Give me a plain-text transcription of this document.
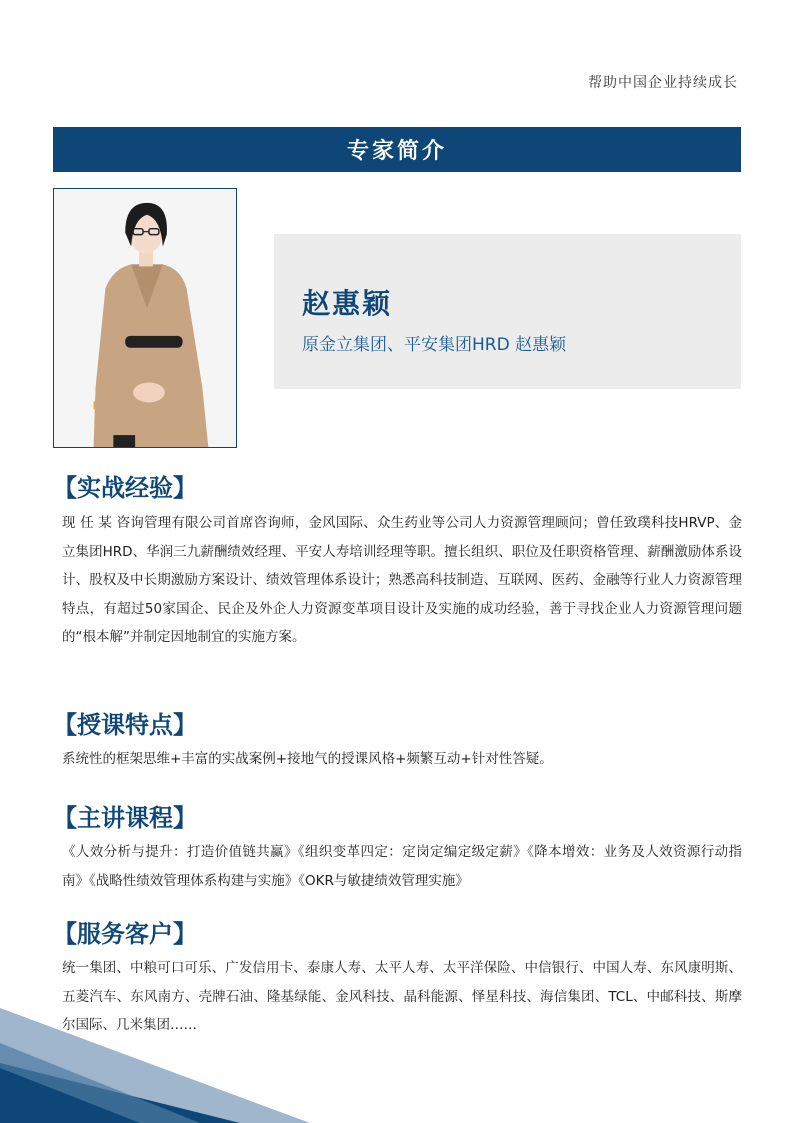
帮助中国企业持续成长
专家简介
赵惠颖
原金立集团、平安集团HRD 赵惠颖
【实战经验】
现 任 某 咨询管理有限公司首席咨询师，金风国际、众生药业等公司人力资源管理顾问；曾任致璞科技HRVP、金立集团HRD、华润三九薪酬绩效经理、平安人寿培训经理等职。擅长组织、职位及任职资格管理、薪酬激励体系设计、股权及中长期激励方案设计、绩效管理体系设计；熟悉高科技制造、互联网、医药、金融等行业人力资源管理特点，有超过50家国企、民企及外企人力资源变革项目设计及实施的成功经验，善于寻找企业人力资源管理问题的“根本解”并制定因地制宜的实施方案。
【授课特点】
系统性的框架思维+丰富的实战案例+接地气的授课风格+频繁互动+针对性答疑。
【主讲课程】
《人效分析与提升：打造价值链共赢》《组织变革四定：定岗定编定级定薪》《降本增效：业务及人效资源行动指南》《战略性绩效管理体系构建与实施》《OKR与敏捷绩效管理实施》
【服务客户】
统一集团、中粮可口可乐、广发信用卡、泰康人寿、太平人寿、太平洋保险、中信银行、中国人寿、东风康明斯、五菱汽车、东风南方、壳牌石油、隆基绿能、金风科技、晶科能源、怿星科技、海信集团、TCL、中邮科技、斯摩尔国际、几米集团……
